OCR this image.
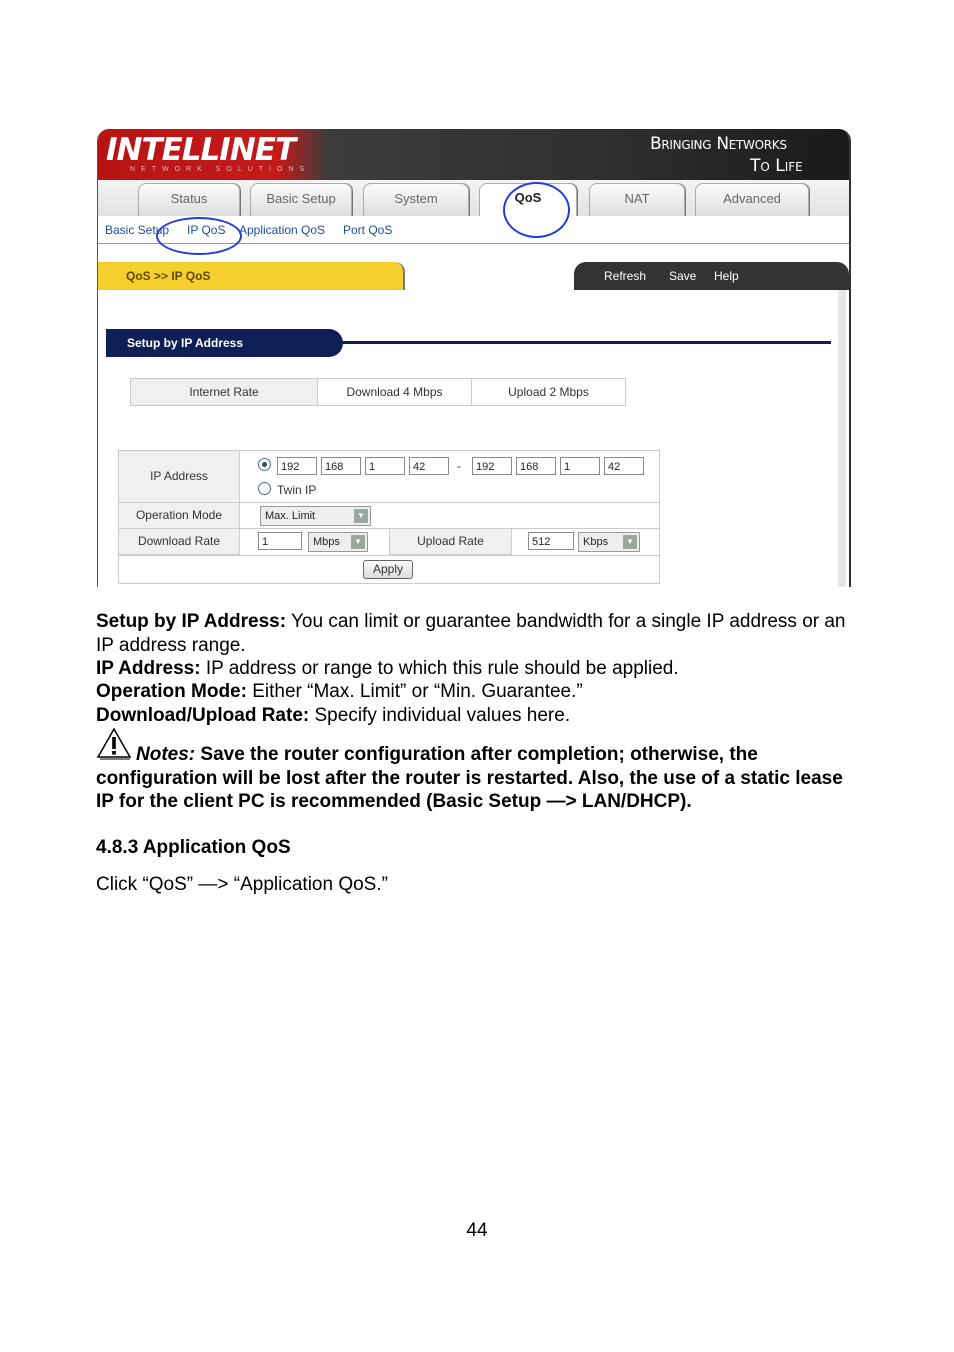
INTELLINET
NETWORK SOLUTIONS
Bringing Networks
To Life
Status	Basic Setup	System	QoS	NAT	Advanced
Basic Setup IP QoS Application QoS Port QoS
QoS >> IP QoS	Refresh Save Help
Setup by IP Address
Internet Rate	Download 4 Mbps	Upload 2 Mbps
IP Address
192	168	1	42	-	192	168	1	42
Twin IP
Operation Mode	Max. Limit	▼
Download Rate	1	Mbps	▼	Upload Rate	512	Kbps	▼
Apply
Setup by IP Address: You can limit or guarantee bandwidth for a single IP address or an IP address range.
IP Address: IP address or range to which this rule should be applied.
Operation Mode: Either “Max. Limit” or “Min. Guarantee.”
Download/Upload Rate: Specify individual values here.
Notes: Save the router configuration after completion; otherwise, the configuration will be lost after the router is restarted. Also, the use of a static lease IP for the client PC is recommended (Basic Setup —> LAN/DHCP).
4.8.3 Application QoS
Click “QoS” —> “Application QoS.”
44
